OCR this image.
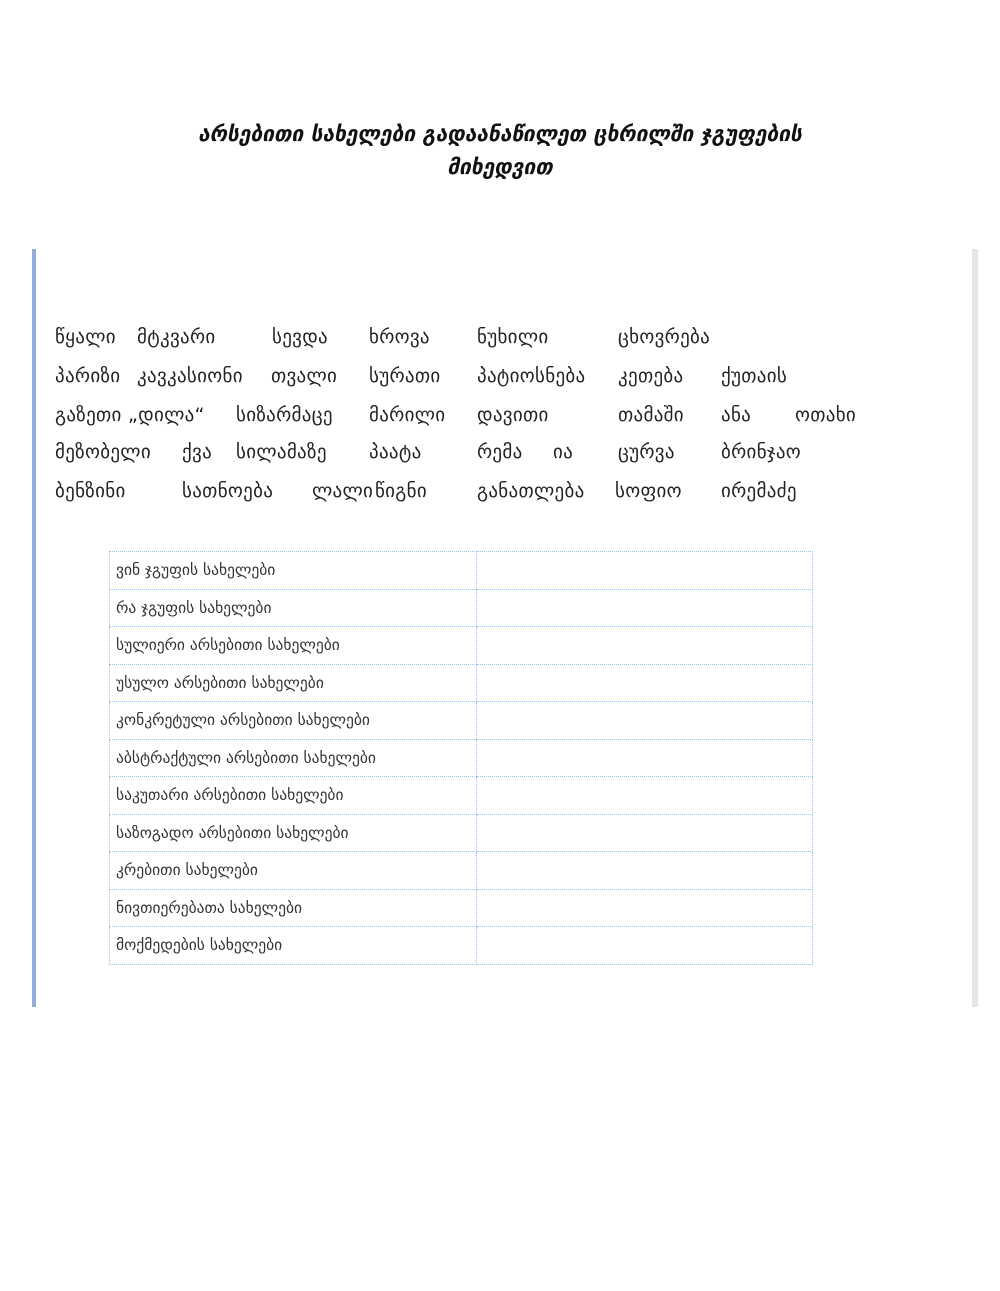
არსებითი სახელები გადაანაწილეთ ცხრილში ჯგუფების
მიხედვით
წყალი მტკვარი	სევდა ხროვა ნუხილი	ცხოვრება
პარიზი კავკასიონი თვალი სურათი პატიოსნება კეთება ქუთაის
გაზეთი „დილა“ სიზარმაცე მარილი დავითი	თამაში ანა ოთახი
მეზობელი ქვა სილამაზე პაატა	რემა ია ცურვა ბრინჯაო
ბენზინი	სათნოება ლალი წიგნი	განათლება სოფიო ირემაძე
ვინ ჯგუფის სახელები	
რა ჯგუფის სახელები	
სულიერი არსებითი სახელები	
უსულო არსებითი სახელები	
კონკრეტული არსებითი სახელები	
აბსტრაქტული არსებითი სახელები	
საკუთარი არსებითი სახელები	
საზოგადო არსებითი სახელები	
კრებითი სახელები	
ნივთიერებათა სახელები	
მოქმედების სახელები	
